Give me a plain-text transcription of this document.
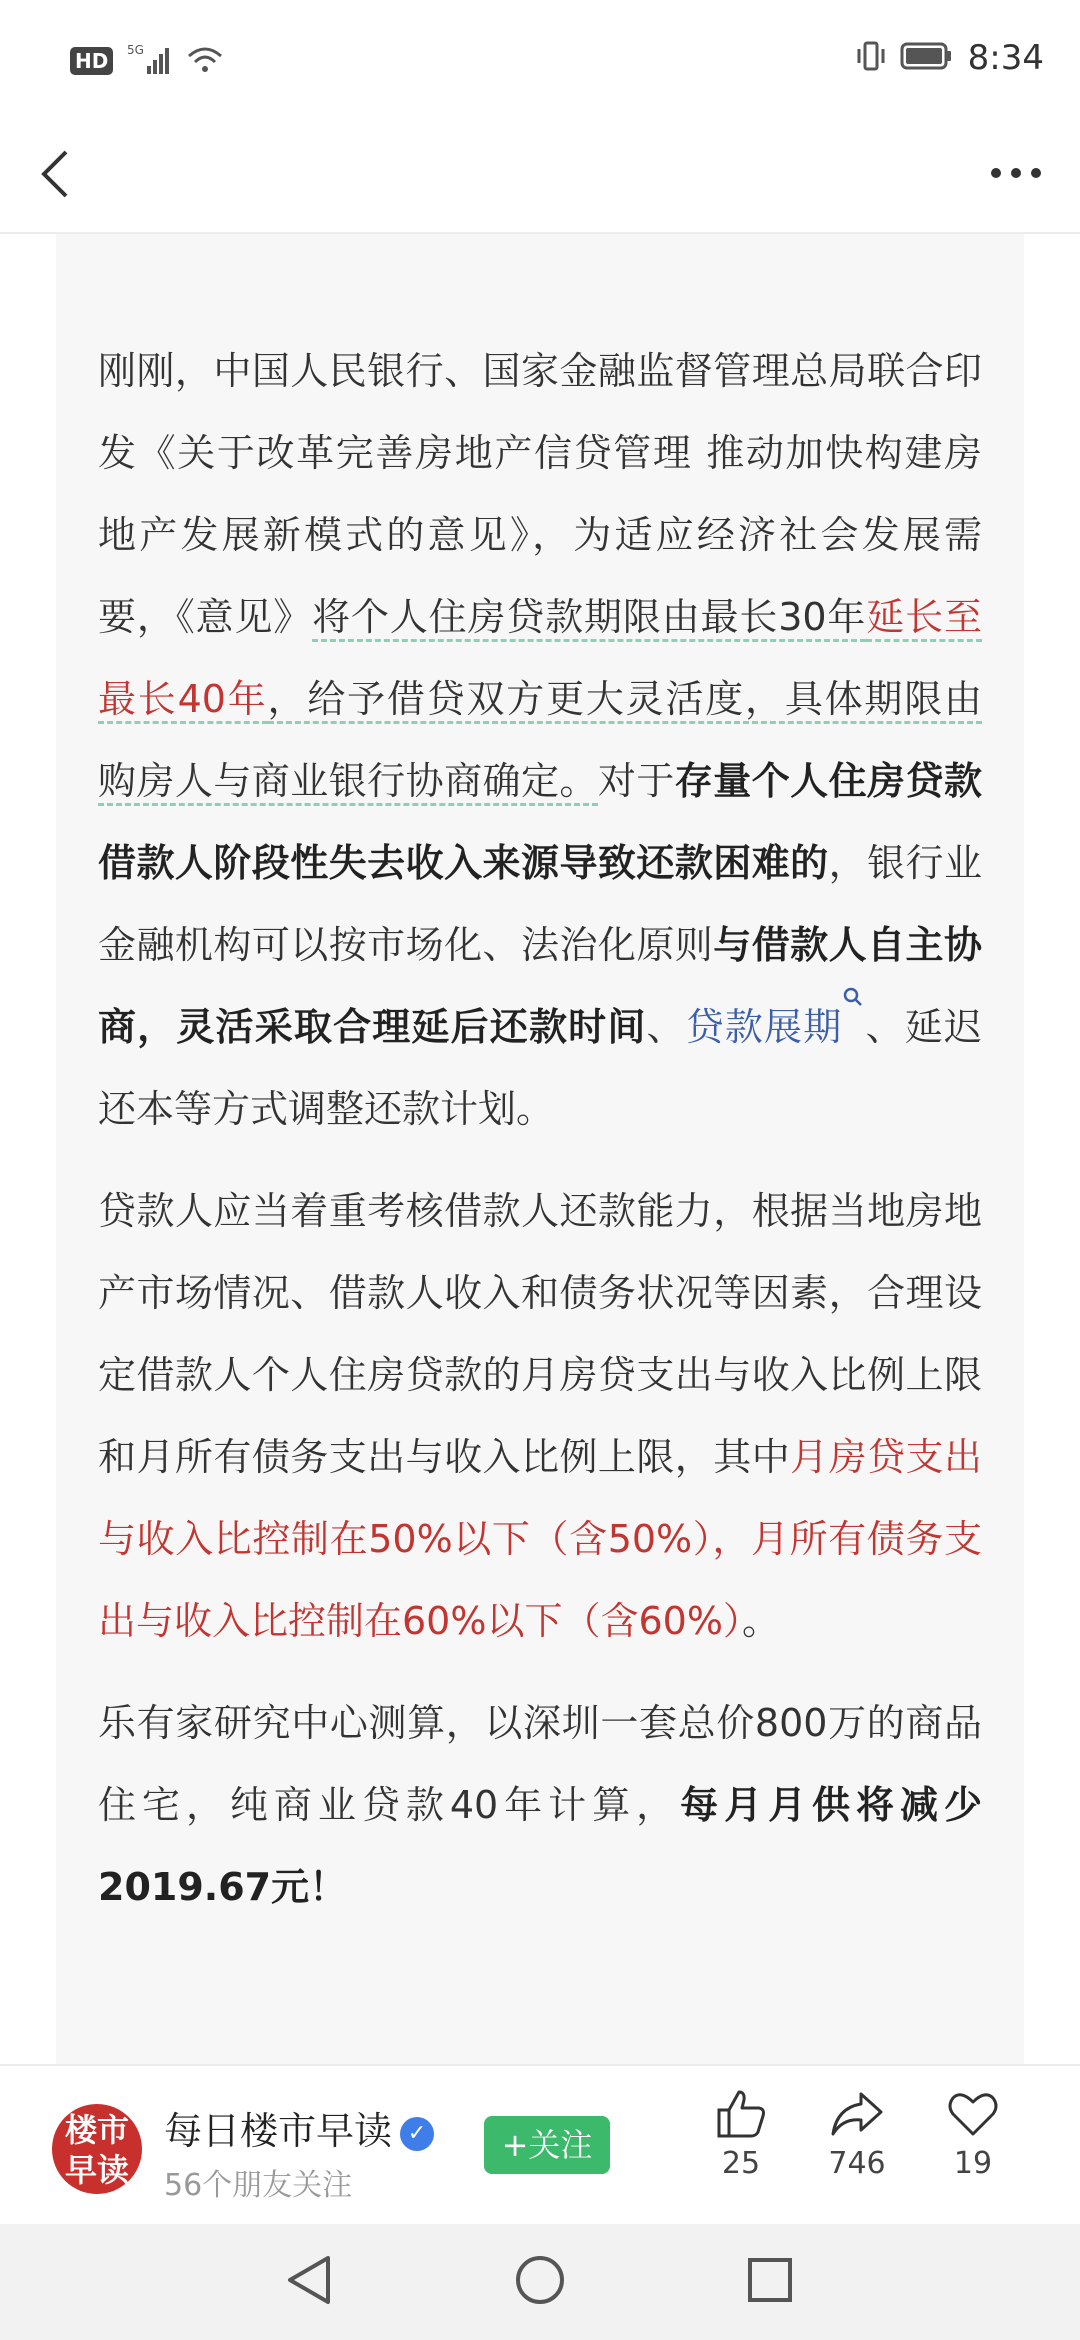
HD	5G	8:34

刚刚，中国人民银行、国家金融监督管理总局联合印发《关于改革完善房地产信贷管理 推动加快构建房地产发展新模式的意见》，为适应经济社会发展需要，《意见》将个人住房贷款期限由最长30年延长至最长40年，给予借贷双方更大灵活度，具体期限由购房人与商业银行协商确定。对于存量个人住房贷款借款人阶段性失去收入来源导致还款困难的，银行业金融机构可以按市场化、法治化原则与借款人自主协商，灵活采取合理延后还款时间、贷款展期 、延迟还本等方式调整还款计划。

贷款人应当着重考核借款人还款能力，根据当地房地产市场情况、借款人收入和债务状况等因素，合理设定借款人个人住房贷款的月房贷支出与收入比例上限和月所有债务支出与收入比例上限，其中月房贷支出与收入比控制在50%以下（含50%），月所有债务支出与收入比控制在60%以下（含60%）。

乐有家研究中心测算，以深圳一套总价800万的商品住宅，纯商业贷款40年计算，每月月供将减少2019.67元！

楼市早读
每日楼市早读 ✓
56个朋友关注
+关注	25	746	19
